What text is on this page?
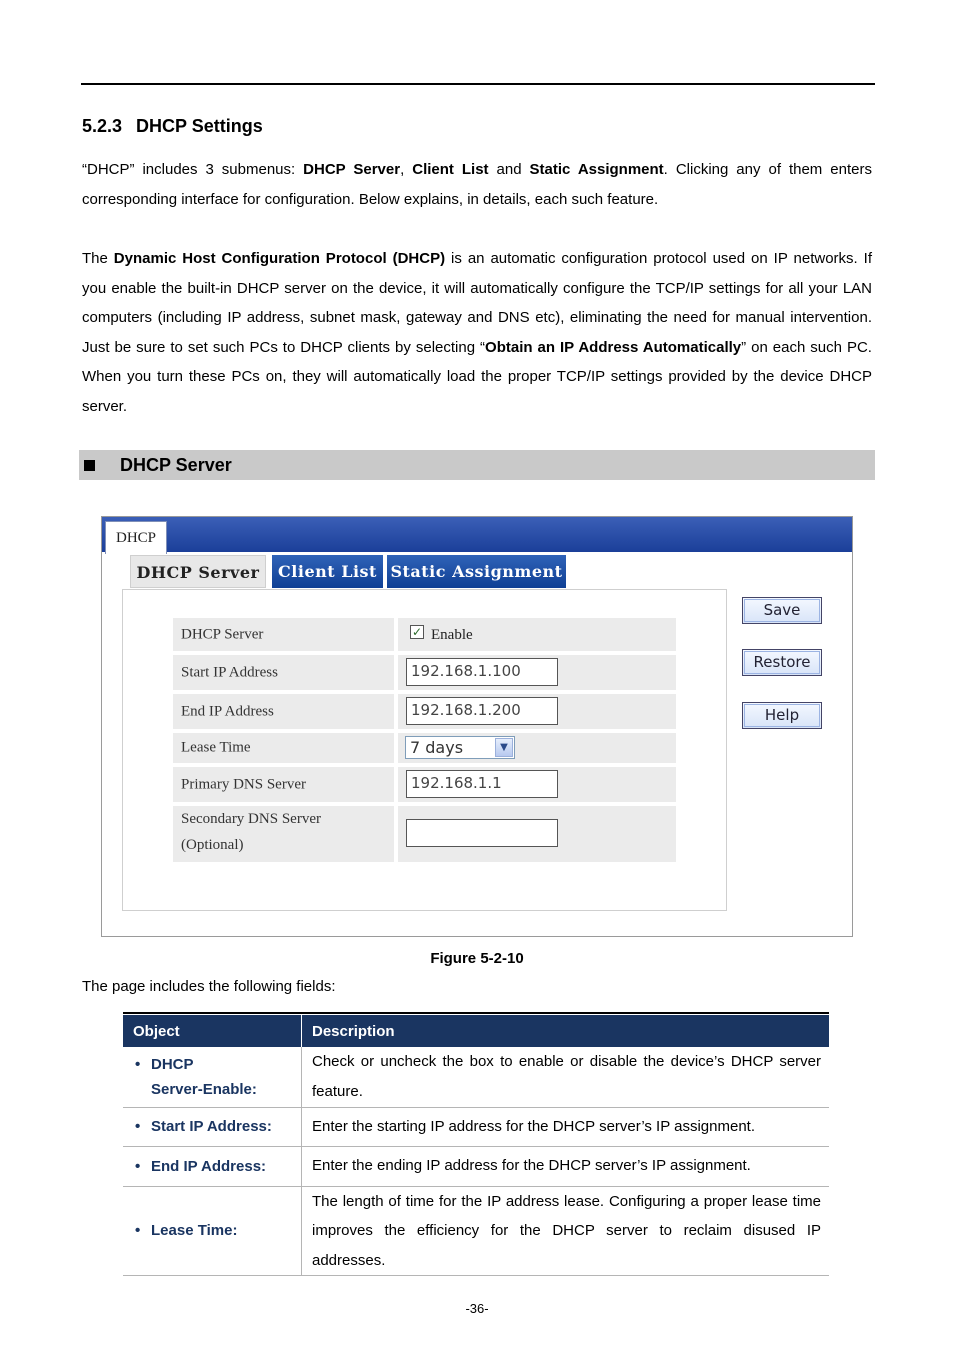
5.2.3 DHCP Settings
“DHCP” includes 3 submenus: DHCP Server, Client List and Static Assignment. Clicking any of them enters corresponding interface for configuration. Below explains, in details, each such feature.
The Dynamic Host Configuration Protocol (DHCP) is an automatic configuration protocol used on IP networks. If you enable the built-in DHCP server on the device, it will automatically configure the TCP/IP settings for all your LAN computers (including IP address, subnet mask, gateway and DNS etc), eliminating the need for manual intervention. Just be sure to set such PCs to DHCP clients by selecting “Obtain an IP Address Automatically” on each such PC. When you turn these PCs on, they will automatically load the proper TCP/IP settings provided by the device DHCP server.
DHCP Server
DHCP
DHCP Server	Client List Static Assignment
DHCP Server	✓ Enable
Start IP Address	192.168.1.100
End IP Address	192.168.1.200
Lease Time	7 days	▼
Primary DNS Server	192.168.1.1
Secondary DNS Server
(Optional)
Save
Restore
Help
Figure 5-2-10
The page includes the following fields:
Object	Description
• DHCP
Server-Enable:	Check or uncheck the box to enable or disable the device’s DHCP server feature.
• Start IP Address:	Enter the starting IP address for the DHCP server’s IP assignment.
• End IP Address:	Enter the ending IP address for the DHCP server’s IP assignment.
• Lease Time:	The length of time for the IP address lease. Configuring a proper lease time improves the efficiency for the DHCP server to reclaim disused IP addresses.
-36-
